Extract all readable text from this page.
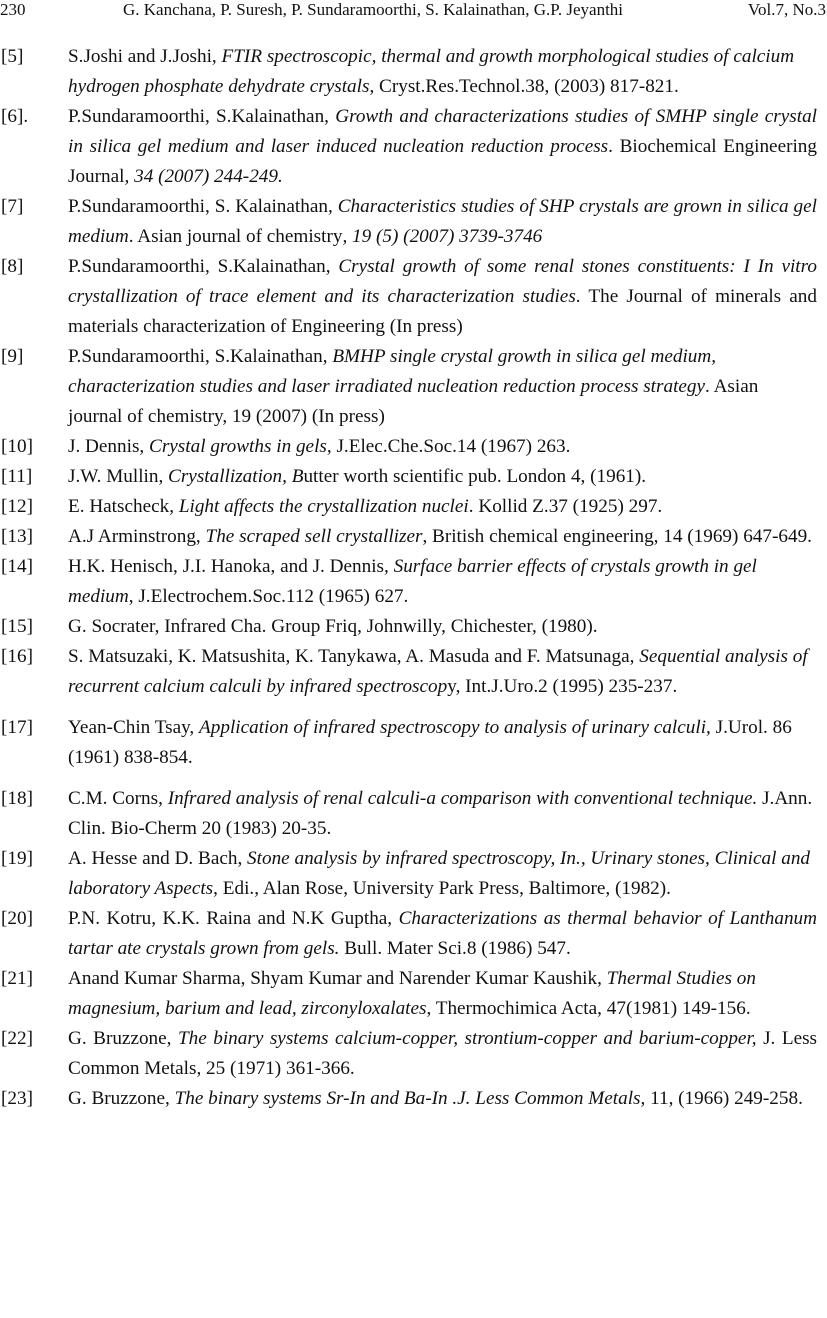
230	G. Kanchana, P. Suresh, P. Sundaramoorthi, S. Kalainathan, G.P. Jeyanthi	Vol.7, No.3
[5] S.Joshi and J.Joshi, FTIR spectroscopic, thermal and growth morphological studies of calcium hydrogen phosphate dehydrate crystals, Cryst.Res.Technol.38, (2003) 817-821.
[6]. P.Sundaramoorthi, S.Kalainathan, Growth and characterizations studies of SMHP single crystal in silica gel medium and laser induced nucleation reduction process. Biochemical Engineering Journal, 34 (2007) 244-249.
[7] P.Sundaramoorthi, S. Kalainathan, Characteristics studies of SHP crystals are grown in silica gel medium. Asian journal of chemistry, 19 (5) (2007) 3739-3746
[8] P.Sundaramoorthi, S.Kalainathan, Crystal growth of some renal stones constituents: I In vitro crystallization of trace element and its characterization studies. The Journal of minerals and materials characterization of Engineering (In press)
[9] P.Sundaramoorthi, S.Kalainathan, BMHP single crystal growth in silica gel medium, characterization studies and laser irradiated nucleation reduction process strategy. Asian journal of chemistry, 19 (2007) (In press)
[10] J. Dennis, Crystal growths in gels, J.Elec.Che.Soc.14 (1967) 263.
[11] J.W. Mullin, Crystallization, Butter worth scientific pub. London 4, (1961).
[12] E. Hatscheck, Light affects the crystallization nuclei. Kollid Z.37 (1925) 297.
[13] A.J Arminstrong, The scraped sell crystallizer, British chemical engineering, 14 (1969) 647-649.
[14] H.K. Henisch, J.I. Hanoka, and J. Dennis, Surface barrier effects of crystals growth in gel medium, J.Electrochem.Soc.112 (1965) 627.
[15] G. Socrater, Infrared Cha. Group Friq, Johnwilly, Chichester, (1980).
[16] S. Matsuzaki, K. Matsushita, K. Tanykawa, A. Masuda and F. Matsunaga, Sequential analysis of recurrent calcium calculi by infrared spectroscopy, Int.J.Uro.2 (1995) 235-237.
[17] Yean-Chin Tsay, Application of infrared spectroscopy to analysis of urinary calculi, J.Urol. 86 (1961) 838-854.
[18] C.M. Corns, Infrared analysis of renal calculi-a comparison with conventional technique. J.Ann. Clin. Bio-Cherm 20 (1983) 20-35.
[19] A. Hesse and D. Bach, Stone analysis by infrared spectroscopy, In., Urinary stones, Clinical and laboratory Aspects, Edi., Alan Rose, University Park Press, Baltimore, (1982).
[20] P.N. Kotru, K.K. Raina and N.K Guptha, Characterizations as thermal behavior of Lanthanum tartar ate crystals grown from gels. Bull. Mater Sci.8 (1986) 547.
[21] Anand Kumar Sharma, Shyam Kumar and Narender Kumar Kaushik, Thermal Studies on magnesium, barium and lead, zirconyloxalates, Thermochimica Acta, 47(1981) 149-156.
[22] G. Bruzzone, The binary systems calcium-copper, strontium-copper and barium-copper, J. Less Common Metals, 25 (1971) 361-366.
[23] G. Bruzzone, The binary systems Sr-In and Ba-In .J. Less Common Metals, 11, (1966) 249-258.
